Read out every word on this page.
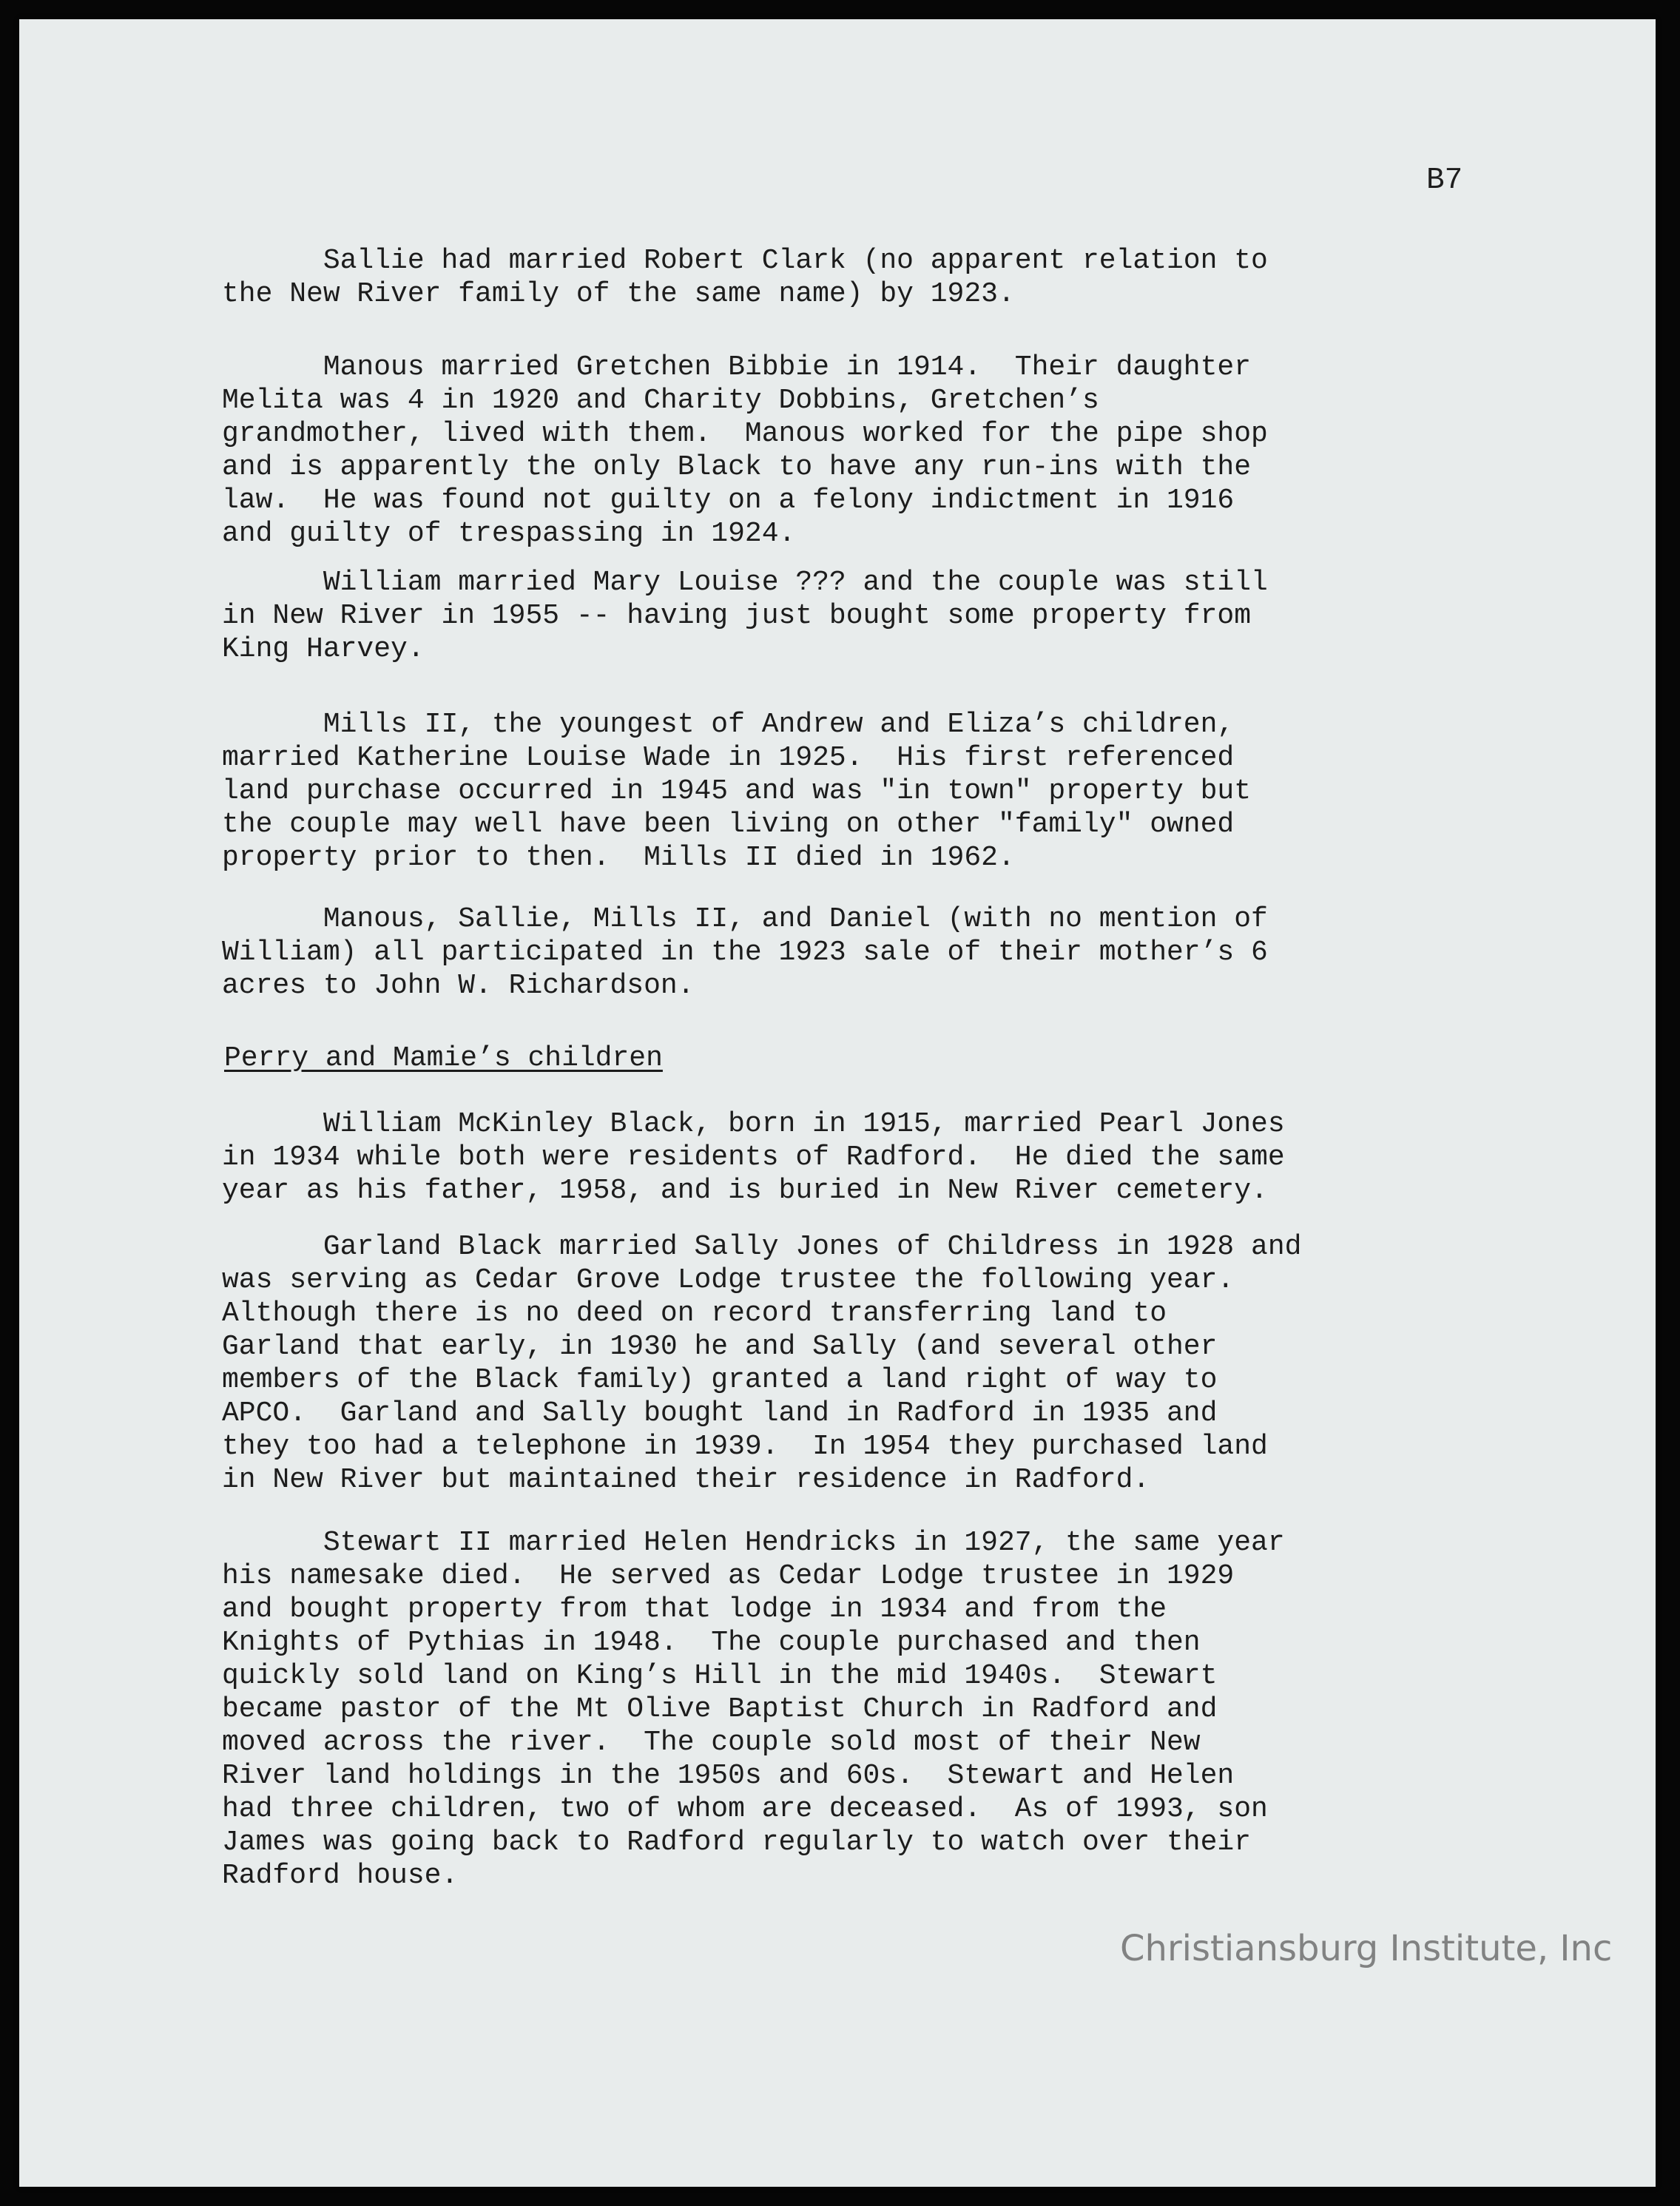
B7
Sallie had married Robert Clark (no apparent relation to
the New River family of the same name) by 1923.
Manous married Gretchen Bibbie in 1914.  Their daughter
Melita was 4 in 1920 and Charity Dobbins, Gretchen’s
grandmother, lived with them.  Manous worked for the pipe shop
and is apparently the only Black to have any run-ins with the
law.  He was found not guilty on a felony indictment in 1916
and guilty of trespassing in 1924.
William married Mary Louise ??? and the couple was still
in New River in 1955 -- having just bought some property from
King Harvey.
Mills II, the youngest of Andrew and Eliza’s children,
married Katherine Louise Wade in 1925.  His first referenced
land purchase occurred in 1945 and was "in town" property but
the couple may well have been living on other "family" owned
property prior to then.  Mills II died in 1962.
Manous, Sallie, Mills II, and Daniel (with no mention of
William) all participated in the 1923 sale of their mother’s 6
acres to John W. Richardson.
Perry and Mamie’s children
William McKinley Black, born in 1915, married Pearl Jones
in 1934 while both were residents of Radford.  He died the same
year as his father, 1958, and is buried in New River cemetery.
Garland Black married Sally Jones of Childress in 1928 and
was serving as Cedar Grove Lodge trustee the following year.
Although there is no deed on record transferring land to
Garland that early, in 1930 he and Sally (and several other
members of the Black family) granted a land right of way to
APCO.  Garland and Sally bought land in Radford in 1935 and
they too had a telephone in 1939.  In 1954 they purchased land
in New River but maintained their residence in Radford.
Stewart II married Helen Hendricks in 1927, the same year
his namesake died.  He served as Cedar Lodge trustee in 1929
and bought property from that lodge in 1934 and from the
Knights of Pythias in 1948.  The couple purchased and then
quickly sold land on King’s Hill in the mid 1940s.  Stewart
became pastor of the Mt Olive Baptist Church in Radford and
moved across the river.  The couple sold most of their New
River land holdings in the 1950s and 60s.  Stewart and Helen
had three children, two of whom are deceased.  As of 1993, son
James was going back to Radford regularly to watch over their
Radford house.
Christiansburg Institute, Inc
